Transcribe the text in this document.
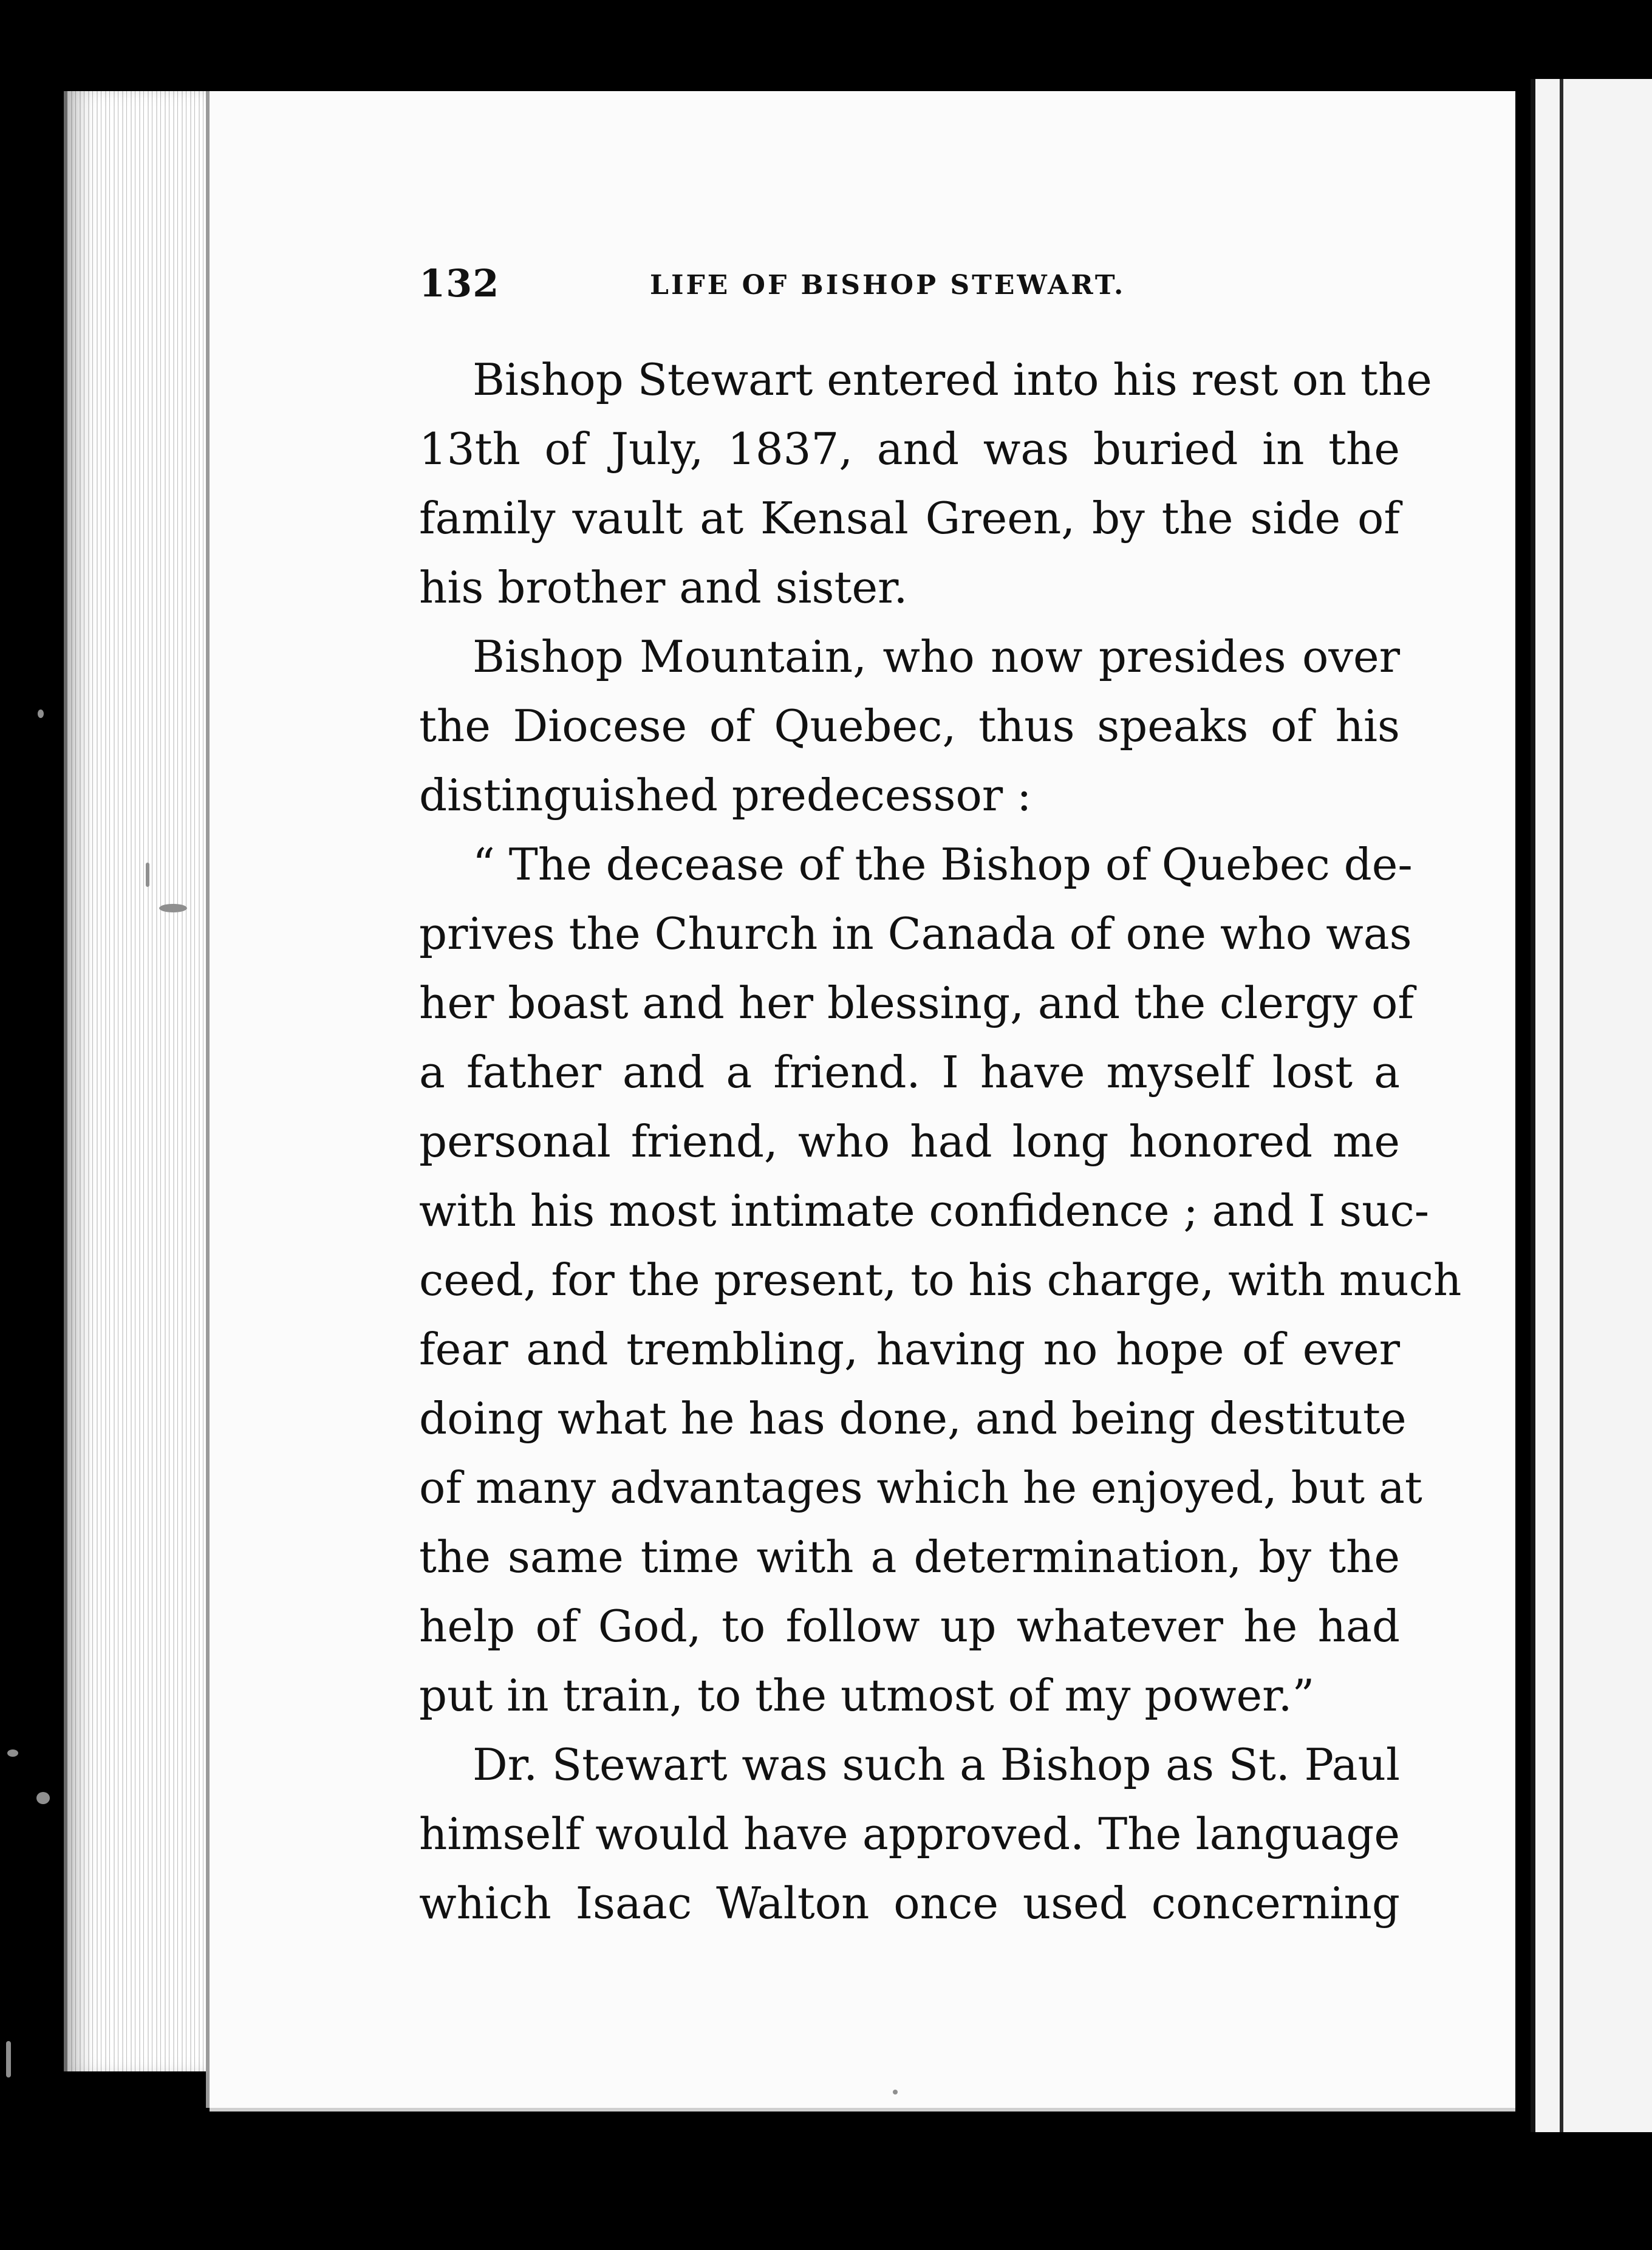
132	LIFE OF BISHOP STEWART.
Bishop Stewart entered into his rest on the
13th of July, 1837, and was buried in the
family vault at Kensal Green, by the side of
his brother and sister.
Bishop Mountain, who now presides over
the Diocese of Quebec, thus speaks of his
distinguished predecessor :
“ The decease of the Bishop of Quebec de-
prives the Church in Canada of one who was
her boast and her blessing, and the clergy of
a father and a friend. I have myself lost a
personal friend, who had long honored me
with his most intimate confidence ; and I suc-
ceed, for the present, to his charge, with much
fear and trembling, having no hope of ever
doing what he has done, and being destitute
of many advantages which he enjoyed, but at
the same time with a determination, by the
help of God, to follow up whatever he had
put in train, to the utmost of my power.”
Dr. Stewart was such a Bishop as St. Paul
himself would have approved. The language
which Isaac Walton once used concerning
